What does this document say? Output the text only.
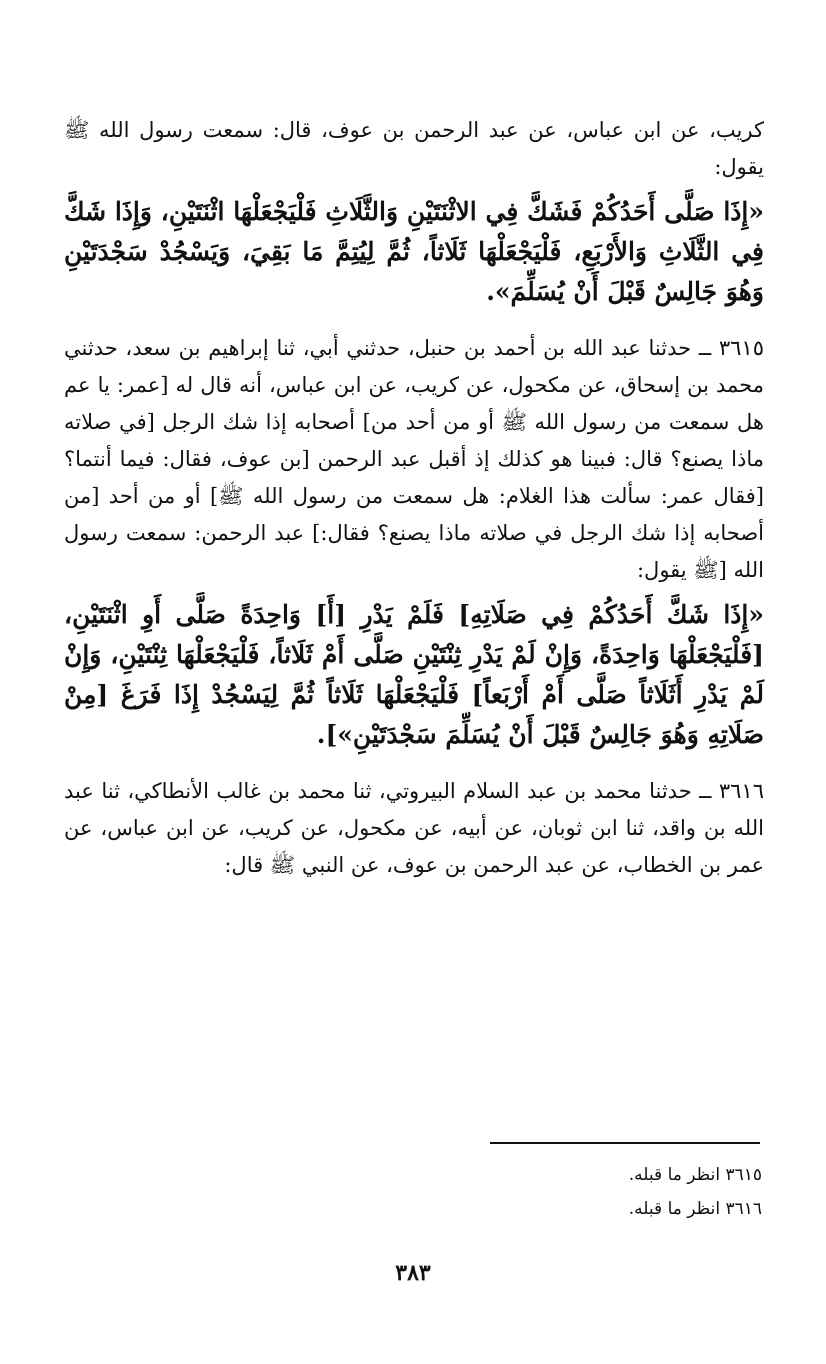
كريب، عن ابن عباس، عن عبد الرحمن بن عوف، قال: سمعت رسول الله ﷺ يقول:

«إِذَا صَلَّى أَحَدُكُمْ فَشَكَّ فِي الاثْنَتَيْنِ وَالثَّلَاثِ فَلْيَجْعَلْهَا اثْنَتَيْنِ، وَإِذَا شَكَّ فِي الثَّلَاثِ وَالأَرْبَعِ، فَلْيَجْعَلْهَا ثَلَاثاً، ثُمَّ لِيُتِمَّ مَا بَقِيَ، وَيَسْجُدْ سَجْدَتَيْنِ وَهُوَ جَالِسٌ قَبْلَ أَنْ يُسَلِّمَ».

٣٦١٥ ــ حدثنا عبد الله بن أحمد بن حنبل، حدثني أبي، ثنا إبراهيم بن سعد، حدثني محمد بن إسحاق، عن مكحول، عن كريب، عن ابن عباس، أنه قال له [عمر: يا عم هل سمعت من رسول الله ﷺ أو من أحد من] أصحابه إذا شك الرجل [في صلاته ماذا يصنع؟ قال: فبينا هو كذلك إذ أقبل عبد الرحمن [بن عوف، فقال: فيما أنتما؟ [فقال عمر: سألت هذا الغلام: هل سمعت من رسول الله ﷺ] أو من أحد [من أصحابه إذا شك الرجل في صلاته ماذا يصنع؟ فقال:] عبد الرحمن: سمعت رسول الله [ﷺ يقول:

«إِذَا شَكَّ أَحَدُكُمْ فِي صَلَاتِهِ] فَلَمْ يَدْرِ [أَ] وَاحِدَةً صَلَّى أَوِ اثْنَتَيْنِ، [فَلْيَجْعَلْهَا وَاحِدَةً، وَإِنْ لَمْ يَدْرِ ثِنْتَيْنِ صَلَّى أَمْ ثَلَاثاً، فَلْيَجْعَلْهَا ثِنْتَيْنِ، وَإِنْ لَمْ يَدْرِ أَثَلَاثاً صَلَّى أَمْ أَرْبَعاً] فَلْيَجْعَلْهَا ثَلَاثاً ثُمَّ لِيَسْجُدْ إِذَا فَرَغَ [مِنْ صَلَاتِهِ وَهُوَ جَالِسٌ قَبْلَ أَنْ يُسَلِّمَ سَجْدَتَيْنِ»].

٣٦١٦ ــ حدثنا محمد بن عبد السلام البيروتي، ثنا محمد بن غالب الأنطاكي، ثنا عبد الله بن واقد، ثنا ابن ثوبان، عن أبيه، عن مكحول، عن كريب، عن ابن عباس، عن عمر بن الخطاب، عن عبد الرحمن بن عوف، عن النبي ﷺ قال:

٣٦١٥ انظر ما قبله.

٣٦١٦ انظر ما قبله.

٣٨٣
